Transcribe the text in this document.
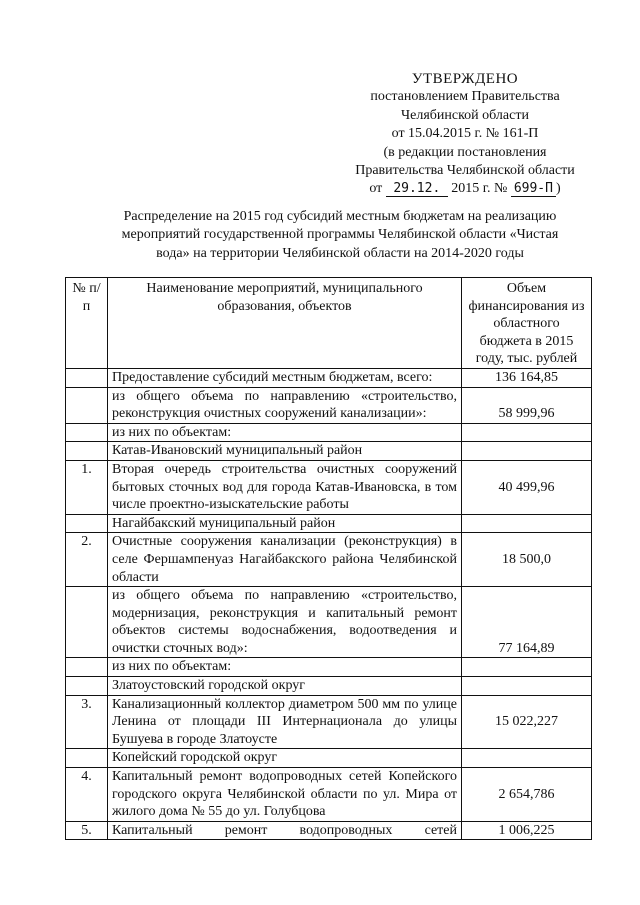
УТВЕРЖДЕНО
постановлением Правительства
Челябинской области
от 15.04.2015 г. № 161-П
(в редакции постановления
Правительства Челябинской области
от 29.12. 2015 г. № 699-П )
Распределение на 2015 год субсидий местным бюджетам на реализацию
мероприятий государственной программы Челябинской области «Чистая
вода» на территории Челябинской области на 2014-2020 годы
№ п/п	Наименование мероприятий, муниципального образования, объектов	Объем финансирования из областного бюджета в 2015 году, тыс. рублей
	Предоставление субсидий местным бюджетам, всего:	136 164,85
	из общего объема по направлению «строительство, реконструкция очистных сооружений канализации»:	58 999,96
	из них по объектам:	
	Катав-Ивановский муниципальный район	
1.	Вторая очередь строительства очистных сооружений бытовых сточных вод для города Катав-Ивановска, в том числе проектно-изыскательские работы	40 499,96
	Нагайбакский муниципальный район	
2.	Очистные сооружения канализации (реконструкция) в селе Фершампенуаз Нагайбакского района Челябинской области	18 500,0
	из общего объема по направлению «строительство, модернизация, реконструкция и капитальный ремонт объектов системы водоснабжения, водоотведения и очистки сточных вод»:	77 164,89
	из них по объектам:	
	Златоустовский городской округ	
3.	Канализационный коллектор диаметром 500 мм по улице Ленина от площади III Интернационала до улицы Бушуева в городе Златоусте	15 022,227
	Копейский городской округ	
4.	Капитальный ремонт водопроводных сетей Копейского городского округа Челябинской области по ул. Мира от жилого дома № 55 до ул. Голубцова	2 654,786
5.	Капитальный ремонт водопроводных сетей	1 006,225
